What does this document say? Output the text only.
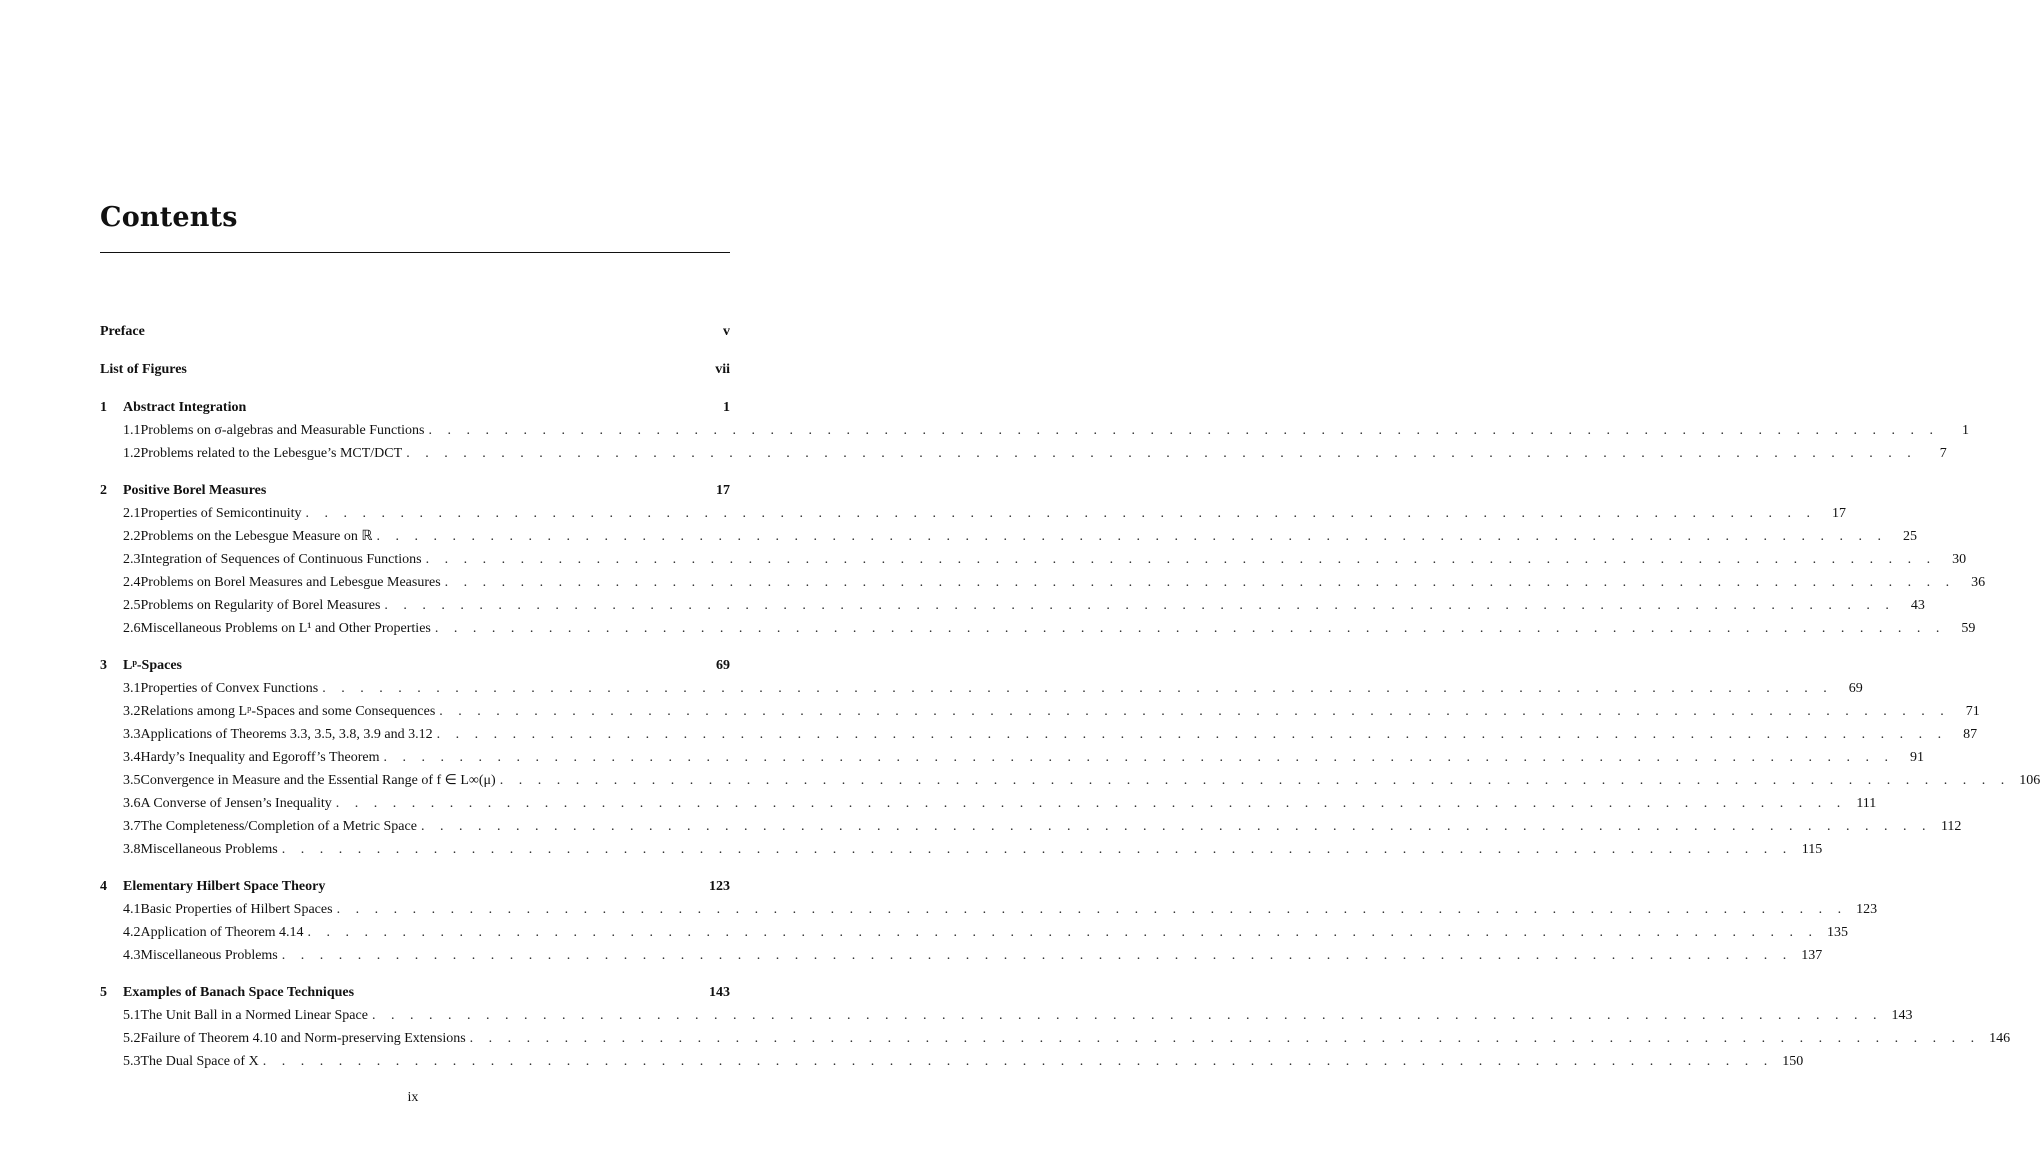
Contents
Preface	v
List of Figures	vii
1	Abstract Integration	1
1.1 Problems on σ-algebras and Measurable Functions . . . . . . . . . . . . . . . . . . . . . . . . . . . . . . . . . . . . . . . . . . . . . . . . . . . . . . . . . . . . . . . . . . . . . . . . . . . . . . . .	1
1.2 Problems related to the Lebesgue’s MCT/DCT . . . . . . . . . . . . . . . . . . . . . . . . . . . . . . . . . . . . . . . . . . . . . . . . . . . . . . . . . . . . . . . . . . . . . . . . . . . . . . . .	7
2	Positive Borel Measures	17
2.1 Properties of Semicontinuity . . . . . . . . . . . . . . . . . . . . . . . . . . . . . . . . . . . . . . . . . . . . . . . . . . . . . . . . . . . . . . . . . . . . . . . . . . . . . . . .	17
2.2 Problems on the Lebesgue Measure on ℝ . . . . . . . . . . . . . . . . . . . . . . . . . . . . . . . . . . . . . . . . . . . . . . . . . . . . . . . . . . . . . . . . . . . . . . . . . . . . . . . .	25
2.3 Integration of Sequences of Continuous Functions . . . . . . . . . . . . . . . . . . . . . . . . . . . . . . . . . . . . . . . . . . . . . . . . . . . . . . . . . . . . . . . . . . . . . . . . . . . . . . . .	30
2.4 Problems on Borel Measures and Lebesgue Measures . . . . . . . . . . . . . . . . . . . . . . . . . . . . . . . . . . . . . . . . . . . . . . . . . . . . . . . . . . . . . . . . . . . . . . . . . . . . . . . .	36
2.5 Problems on Regularity of Borel Measures . . . . . . . . . . . . . . . . . . . . . . . . . . . . . . . . . . . . . . . . . . . . . . . . . . . . . . . . . . . . . . . . . . . . . . . . . . . . . . . .	43
2.6 Miscellaneous Problems on L¹ and Other Properties . . . . . . . . . . . . . . . . . . . . . . . . . . . . . . . . . . . . . . . . . . . . . . . . . . . . . . . . . . . . . . . . . . . . . . . . . . . . . . . .	59
3	Lᵖ-Spaces	69
3.1 Properties of Convex Functions . . . . . . . . . . . . . . . . . . . . . . . . . . . . . . . . . . . . . . . . . . . . . . . . . . . . . . . . . . . . . . . . . . . . . . . . . . . . . . . .	69
3.2 Relations among Lᵖ-Spaces and some Consequences . . . . . . . . . . . . . . . . . . . . . . . . . . . . . . . . . . . . . . . . . . . . . . . . . . . . . . . . . . . . . . . . . . . . . . . . . . . . . . . .	71
3.3 Applications of Theorems 3.3, 3.5, 3.8, 3.9 and 3.12 . . . . . . . . . . . . . . . . . . . . . . . . . . . . . . . . . . . . . . . . . . . . . . . . . . . . . . . . . . . . . . . . . . . . . . . . . . . . . . . .	87
3.4 Hardy’s Inequality and Egoroff’s Theorem . . . . . . . . . . . . . . . . . . . . . . . . . . . . . . . . . . . . . . . . . . . . . . . . . . . . . . . . . . . . . . . . . . . . . . . . . . . . . . . .	91
3.5 Convergence in Measure and the Essential Range of f ∈ L∞(μ) . . . . . . . . . . . . . . . . . . . . . . . . . . . . . . . . . . . . . . . . . . . . . . . . . . . . . . . . . . . . . . . . . . . . . . . . . . . . . . . . 106
3.6 A Converse of Jensen’s Inequality . . . . . . . . . . . . . . . . . . . . . . . . . . . . . . . . . . . . . . . . . . . . . . . . . . . . . . . . . . . . . . . . . . . . . . . . . . . . . . . . 111
3.7 The Completeness/Completion of a Metric Space . . . . . . . . . . . . . . . . . . . . . . . . . . . . . . . . . . . . . . . . . . . . . . . . . . . . . . . . . . . . . . . . . . . . . . . . . . . . . . . . 112
3.8 Miscellaneous Problems . . . . . . . . . . . . . . . . . . . . . . . . . . . . . . . . . . . . . . . . . . . . . . . . . . . . . . . . . . . . . . . . . . . . . . . . . . . . . . . . 115
4	Elementary Hilbert Space Theory	123
4.1 Basic Properties of Hilbert Spaces . . . . . . . . . . . . . . . . . . . . . . . . . . . . . . . . . . . . . . . . . . . . . . . . . . . . . . . . . . . . . . . . . . . . . . . . . . . . . . . . 123
4.2 Application of Theorem 4.14 . . . . . . . . . . . . . . . . . . . . . . . . . . . . . . . . . . . . . . . . . . . . . . . . . . . . . . . . . . . . . . . . . . . . . . . . . . . . . . . . 135
4.3 Miscellaneous Problems . . . . . . . . . . . . . . . . . . . . . . . . . . . . . . . . . . . . . . . . . . . . . . . . . . . . . . . . . . . . . . . . . . . . . . . . . . . . . . . . 137
5	Examples of Banach Space Techniques	143
5.1 The Unit Ball in a Normed Linear Space . . . . . . . . . . . . . . . . . . . . . . . . . . . . . . . . . . . . . . . . . . . . . . . . . . . . . . . . . . . . . . . . . . . . . . . . . . . . . . . . 143
5.2 Failure of Theorem 4.10 and Norm-preserving Extensions . . . . . . . . . . . . . . . . . . . . . . . . . . . . . . . . . . . . . . . . . . . . . . . . . . . . . . . . . . . . . . . . . . . . . . . . . . . . . . . . 146
5.3 The Dual Space of X . . . . . . . . . . . . . . . . . . . . . . . . . . . . . . . . . . . . . . . . . . . . . . . . . . . . . . . . . . . . . . . . . . . . . . . . . . . . . . . . 150
ix
